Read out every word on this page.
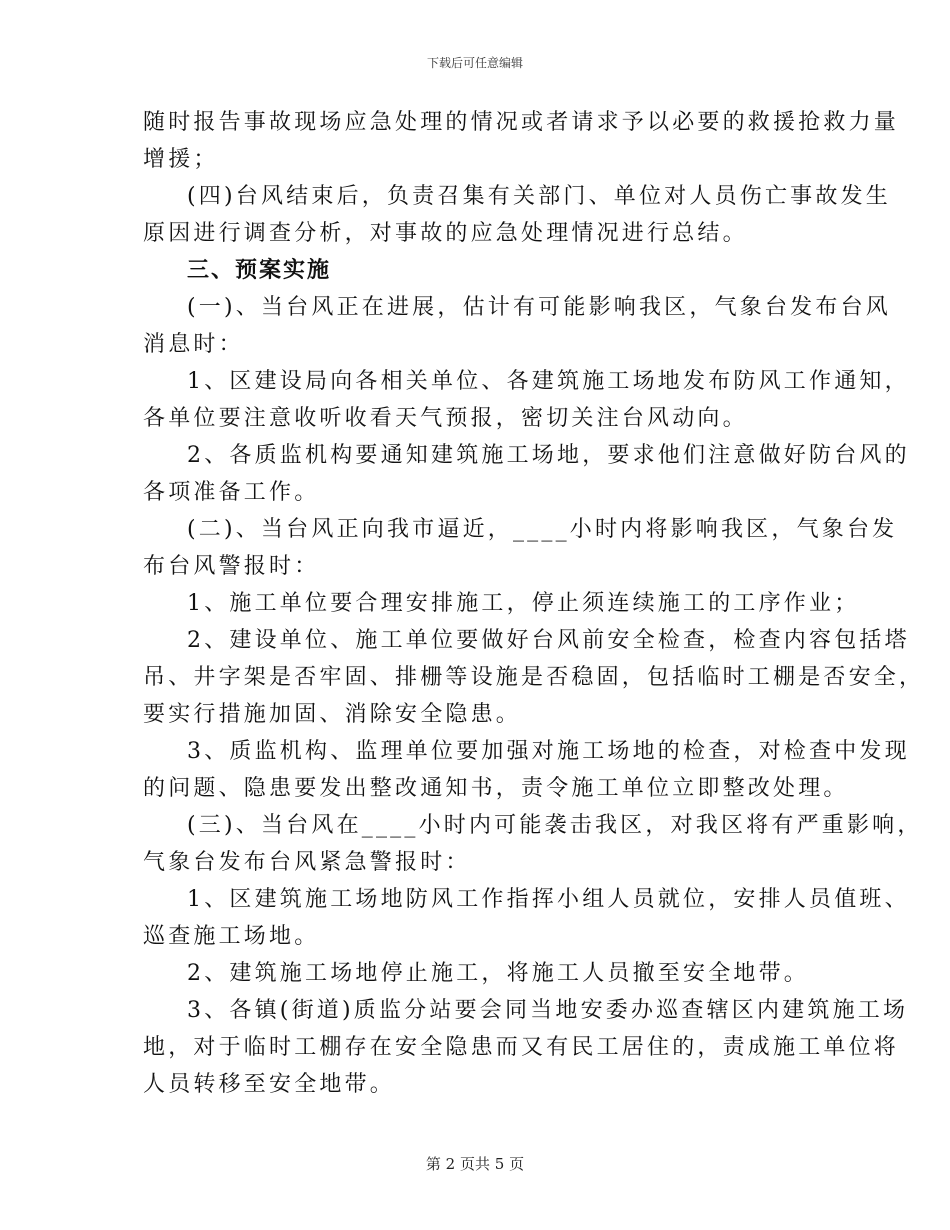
下载后可任意编辑
随时报告事故现场应急处理的情况或者请求予以必要的救援抢救力量
增援；
(四)台风结束后，负责召集有关部门、单位对人员伤亡事故发生
原因进行调查分析，对事故的应急处理情况进行总结。
三、预案实施
(一)、当台风正在进展，估计有可能影响我区，气象台发布台风
消息时：
1、区建设局向各相关单位、各建筑施工场地发布防风工作通知，
各单位要注意收听收看天气预报，密切关注台风动向。
2、各质监机构要通知建筑施工场地，要求他们注意做好防台风的
各项准备工作。
(二)、当台风正向我市逼近，____小时内将影响我区，气象台发
布台风警报时：
1、施工单位要合理安排施工，停止须连续施工的工序作业；
2、建设单位、施工单位要做好台风前安全检查，检查内容包括塔
吊、井字架是否牢固、排栅等设施是否稳固，包括临时工棚是否安全，
要实行措施加固、消除安全隐患。
3、质监机构、监理单位要加强对施工场地的检查，对检查中发现
的问题、隐患要发出整改通知书，责令施工单位立即整改处理。
(三)、当台风在____小时内可能袭击我区，对我区将有严重影响，
气象台发布台风紧急警报时：
1、区建筑施工场地防风工作指挥小组人员就位，安排人员值班、
巡查施工场地。
2、建筑施工场地停止施工，将施工人员撤至安全地带。
3、各镇(街道)质监分站要会同当地安委办巡查辖区内建筑施工场
地，对于临时工棚存在安全隐患而又有民工居住的，责成施工单位将
人员转移至安全地带。
第 2 页共 5 页
